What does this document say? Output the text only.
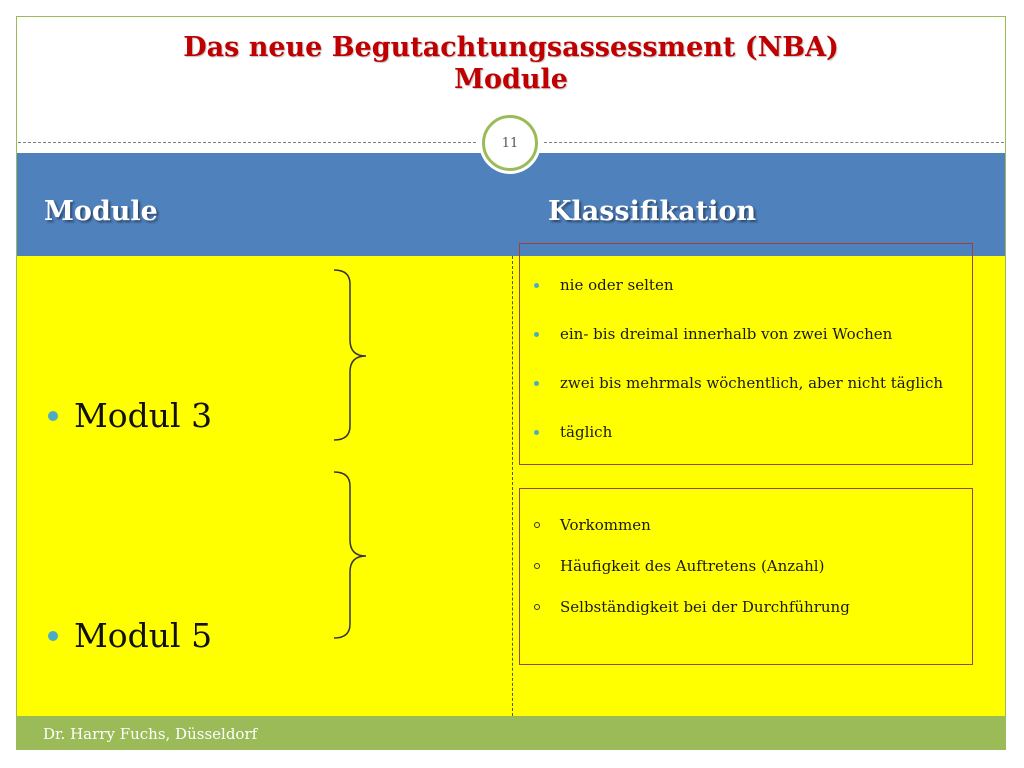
Das neue Begutachtungsassessment (NBA)
Module
11
Module	Klassifikation
Modul 3
Modul 5
nie oder selten
ein- bis dreimal innerhalb von zwei Wochen
zwei bis mehrmals wöchentlich, aber nicht täglich
täglich
Vorkommen
Häufigkeit des Auftretens (Anzahl)
Selbständigkeit bei der Durchführung
Dr. Harry Fuchs, Düsseldorf
